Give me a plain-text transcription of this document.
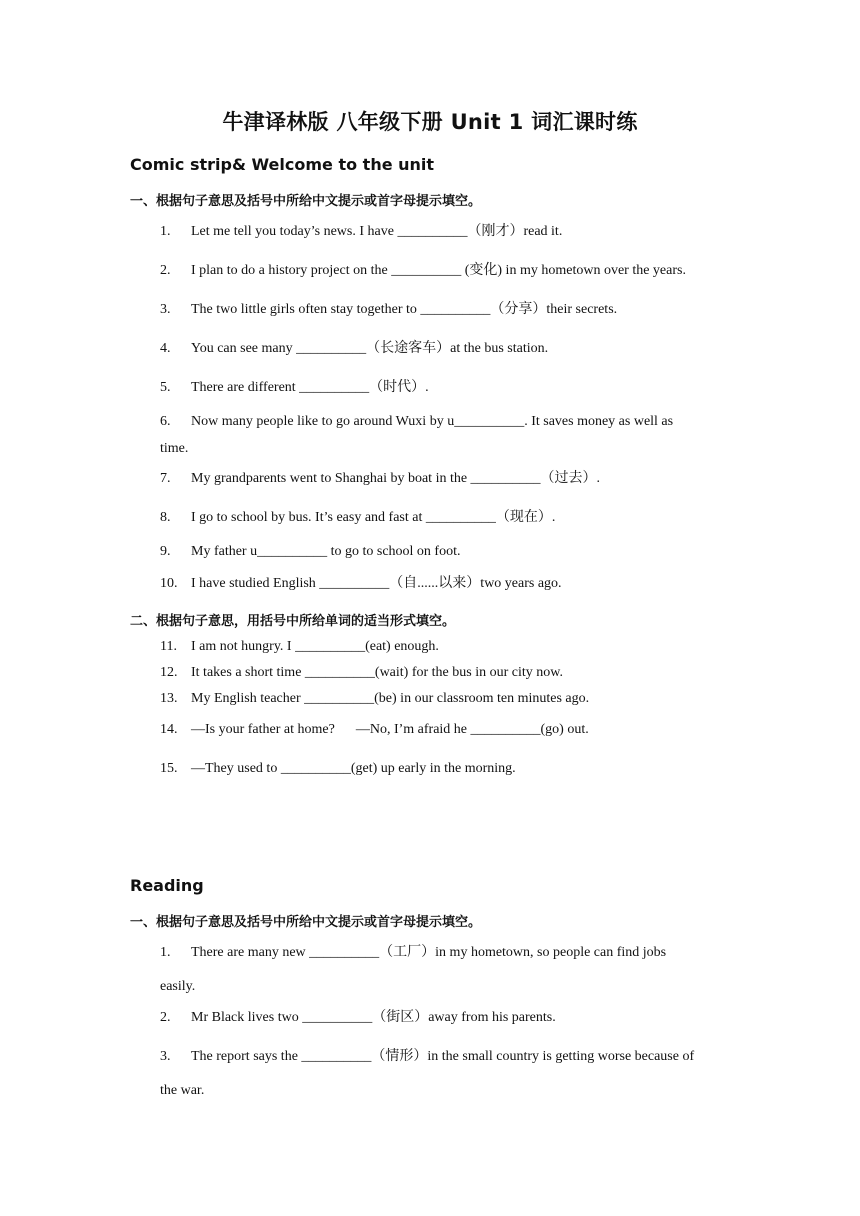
牛津译林版 八年级下册 Unit 1 词汇课时练
Comic strip& Welcome to the unit
一、根据句子意思及括号中所给中文提示或首字母提示填空。
1. Let me tell you today’s news. I have __________（刚才）read it.
2. I plan to do a history project on the __________ (变化) in my hometown over the years.
3. The two little girls often stay together to __________（分享）their secrets.
4. You can see many __________（长途客车）at the bus station.
5. There are different __________（时代）.
6. Now many people like to go around Wuxi by u__________. It saves money as well as
time.
7. My grandparents went to Shanghai by boat in the __________（过去）.
8. I go to school by bus. It’s easy and fast at __________（现在）.
9. My father u__________ to go to school on foot.
10. I have studied English __________（自......以来）two years ago.
二、根据句子意思，用括号中所给单词的适当形式填空。
11. I am not hungry. I __________(eat) enough.
12. It takes a short time __________(wait) for the bus in our city now.
13. My English teacher __________(be) in our classroom ten minutes ago.
14. —Is your father at home?      —No, I’m afraid he __________(go) out.
15. —They used to __________(get) up early in the morning.
Reading
一、根据句子意思及括号中所给中文提示或首字母提示填空。
1. There are many new __________（工厂）in my hometown, so people can find jobs
easily.
2. Mr Black lives two __________（街区）away from his parents.
3. The report says the __________（情形）in the small country is getting worse because of
the war.
